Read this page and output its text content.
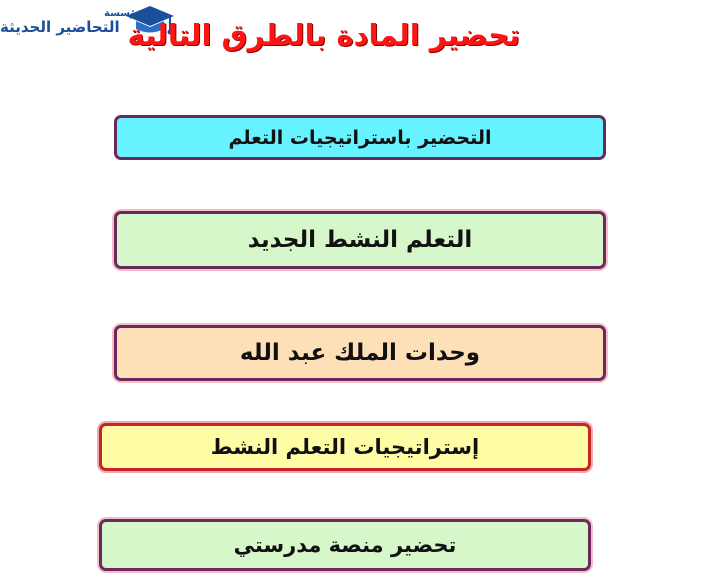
مؤسسة
التحاضير الحديثة تحضير المادة بالطرق التالية
التحضير باستراتيجيات التعلم
التعلم النشط الجديد
وحدات الملك عبد الله
إستراتيجيات التعلم النشط
تحضير منصة مدرستي
